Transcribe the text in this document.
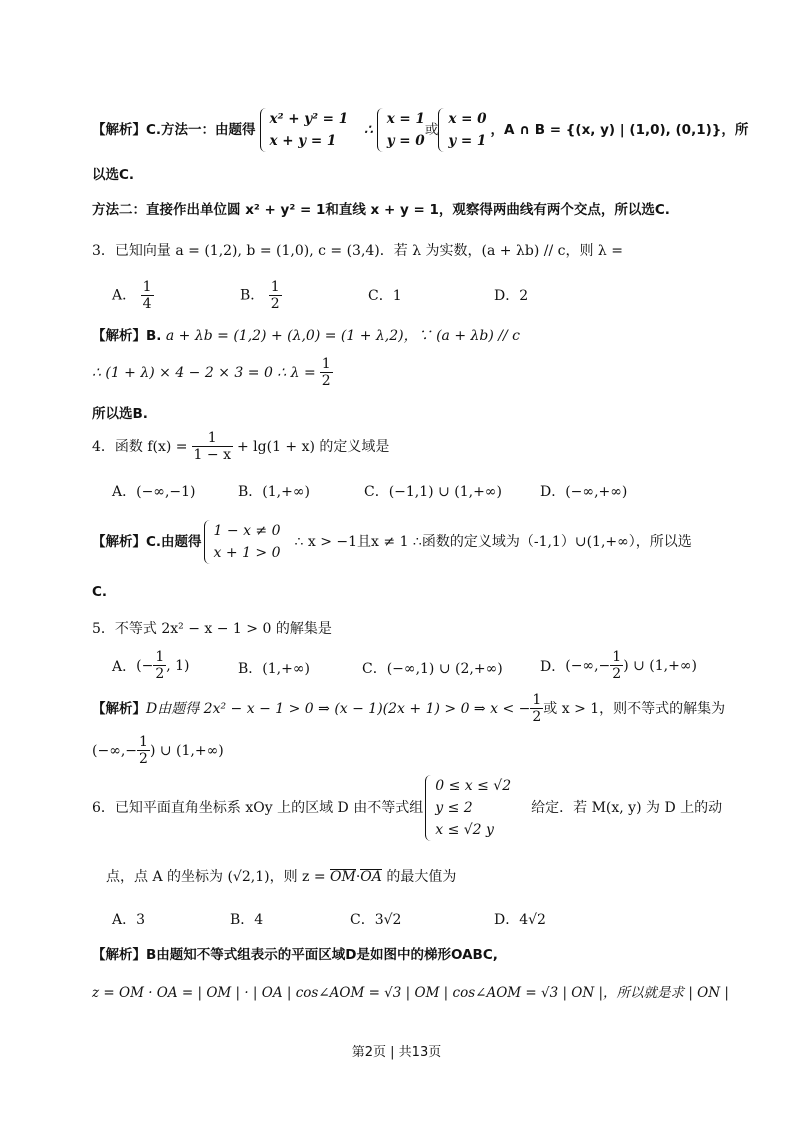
【解析】 C.方法一：由题得
x² + y² = 1
x + y = 1
∴
x = 1
y = 0
或
x = 0
y = 1
，A ∩ B = {(x, y) | (1,0), (0,1)}，所
以选C.
方法二：直接作出单位圆 x² + y² = 1和直线 x + y = 1，观察得两曲线有两个交点，所以选C.
3．已知向量 a = (1,2), b = (1,0), c = (3,4)．若 λ 为实数，(a + λb) // c，则 λ =
A． $\frac{1}{4}$	B． $\frac{1}{2}$	C．1	D．2
【解析】B. a + λb = (1,2) + (λ,0) = (1 + λ,2)，∵ (a + λb) // c
∴ (1 + λ) × 4 − 2 × 3 = 0 ∴ $\lambda = \frac{1}{2}$
所以选B.
4．函数 $f(x) = \frac{1}{1 - x} + \lg(1 + x)$ 的定义域是
A．(−∞,−1)	B．(1,+∞)	C．(−1,1) ∪ (1,+∞)	D．(−∞,+∞)
【解析】C.由题得
1 − x ≠ 0
x + 1 > 0
∴ x > −1且x ≠ 1 ∴函数的定义域为（-1,1）∪(1,+∞），所以选
C.
5．不等式 2x² − x − 1 > 0 的解集是
A． (− $\frac{1}{2}$ , 1)	B．(1,+∞)	C．(−∞,1) ∪ (2,+∞)	D． (−∞,− $\frac{1}{2}$ ) ∪ (1,+∞)
【解析】 D由题得 2x² − x − 1 > 0 ⇒ (x − 1)(2x + 1) > 0 ⇒ x < − $\frac{1}{2}$ 或 x > 1，则不等式的解集为
(−∞,− $\frac{1}{2}$ ) ∪ (1,+∞)
6．已知平面直角坐标系 xOy 上的区域 D 由不等式组
0 ≤ x ≤ √2
y ≤ 2
x ≤ √2 y
给定．若 M(x, y) 为 D 上的动
点，点 A 的坐标为 (√2,1)，则 z = OM·OA 的最大值为
A．3	B．4	C．3√2	D．4√2
【解析】B由题知不等式组表示的平面区域D是如图中的梯形OABC,
z = OM · OA = | OM | · | OA | cos∠AOM = √3 | OM | cos∠AOM = √3 | ON |，所以就是求 | ON |
第2页 | 共13页
